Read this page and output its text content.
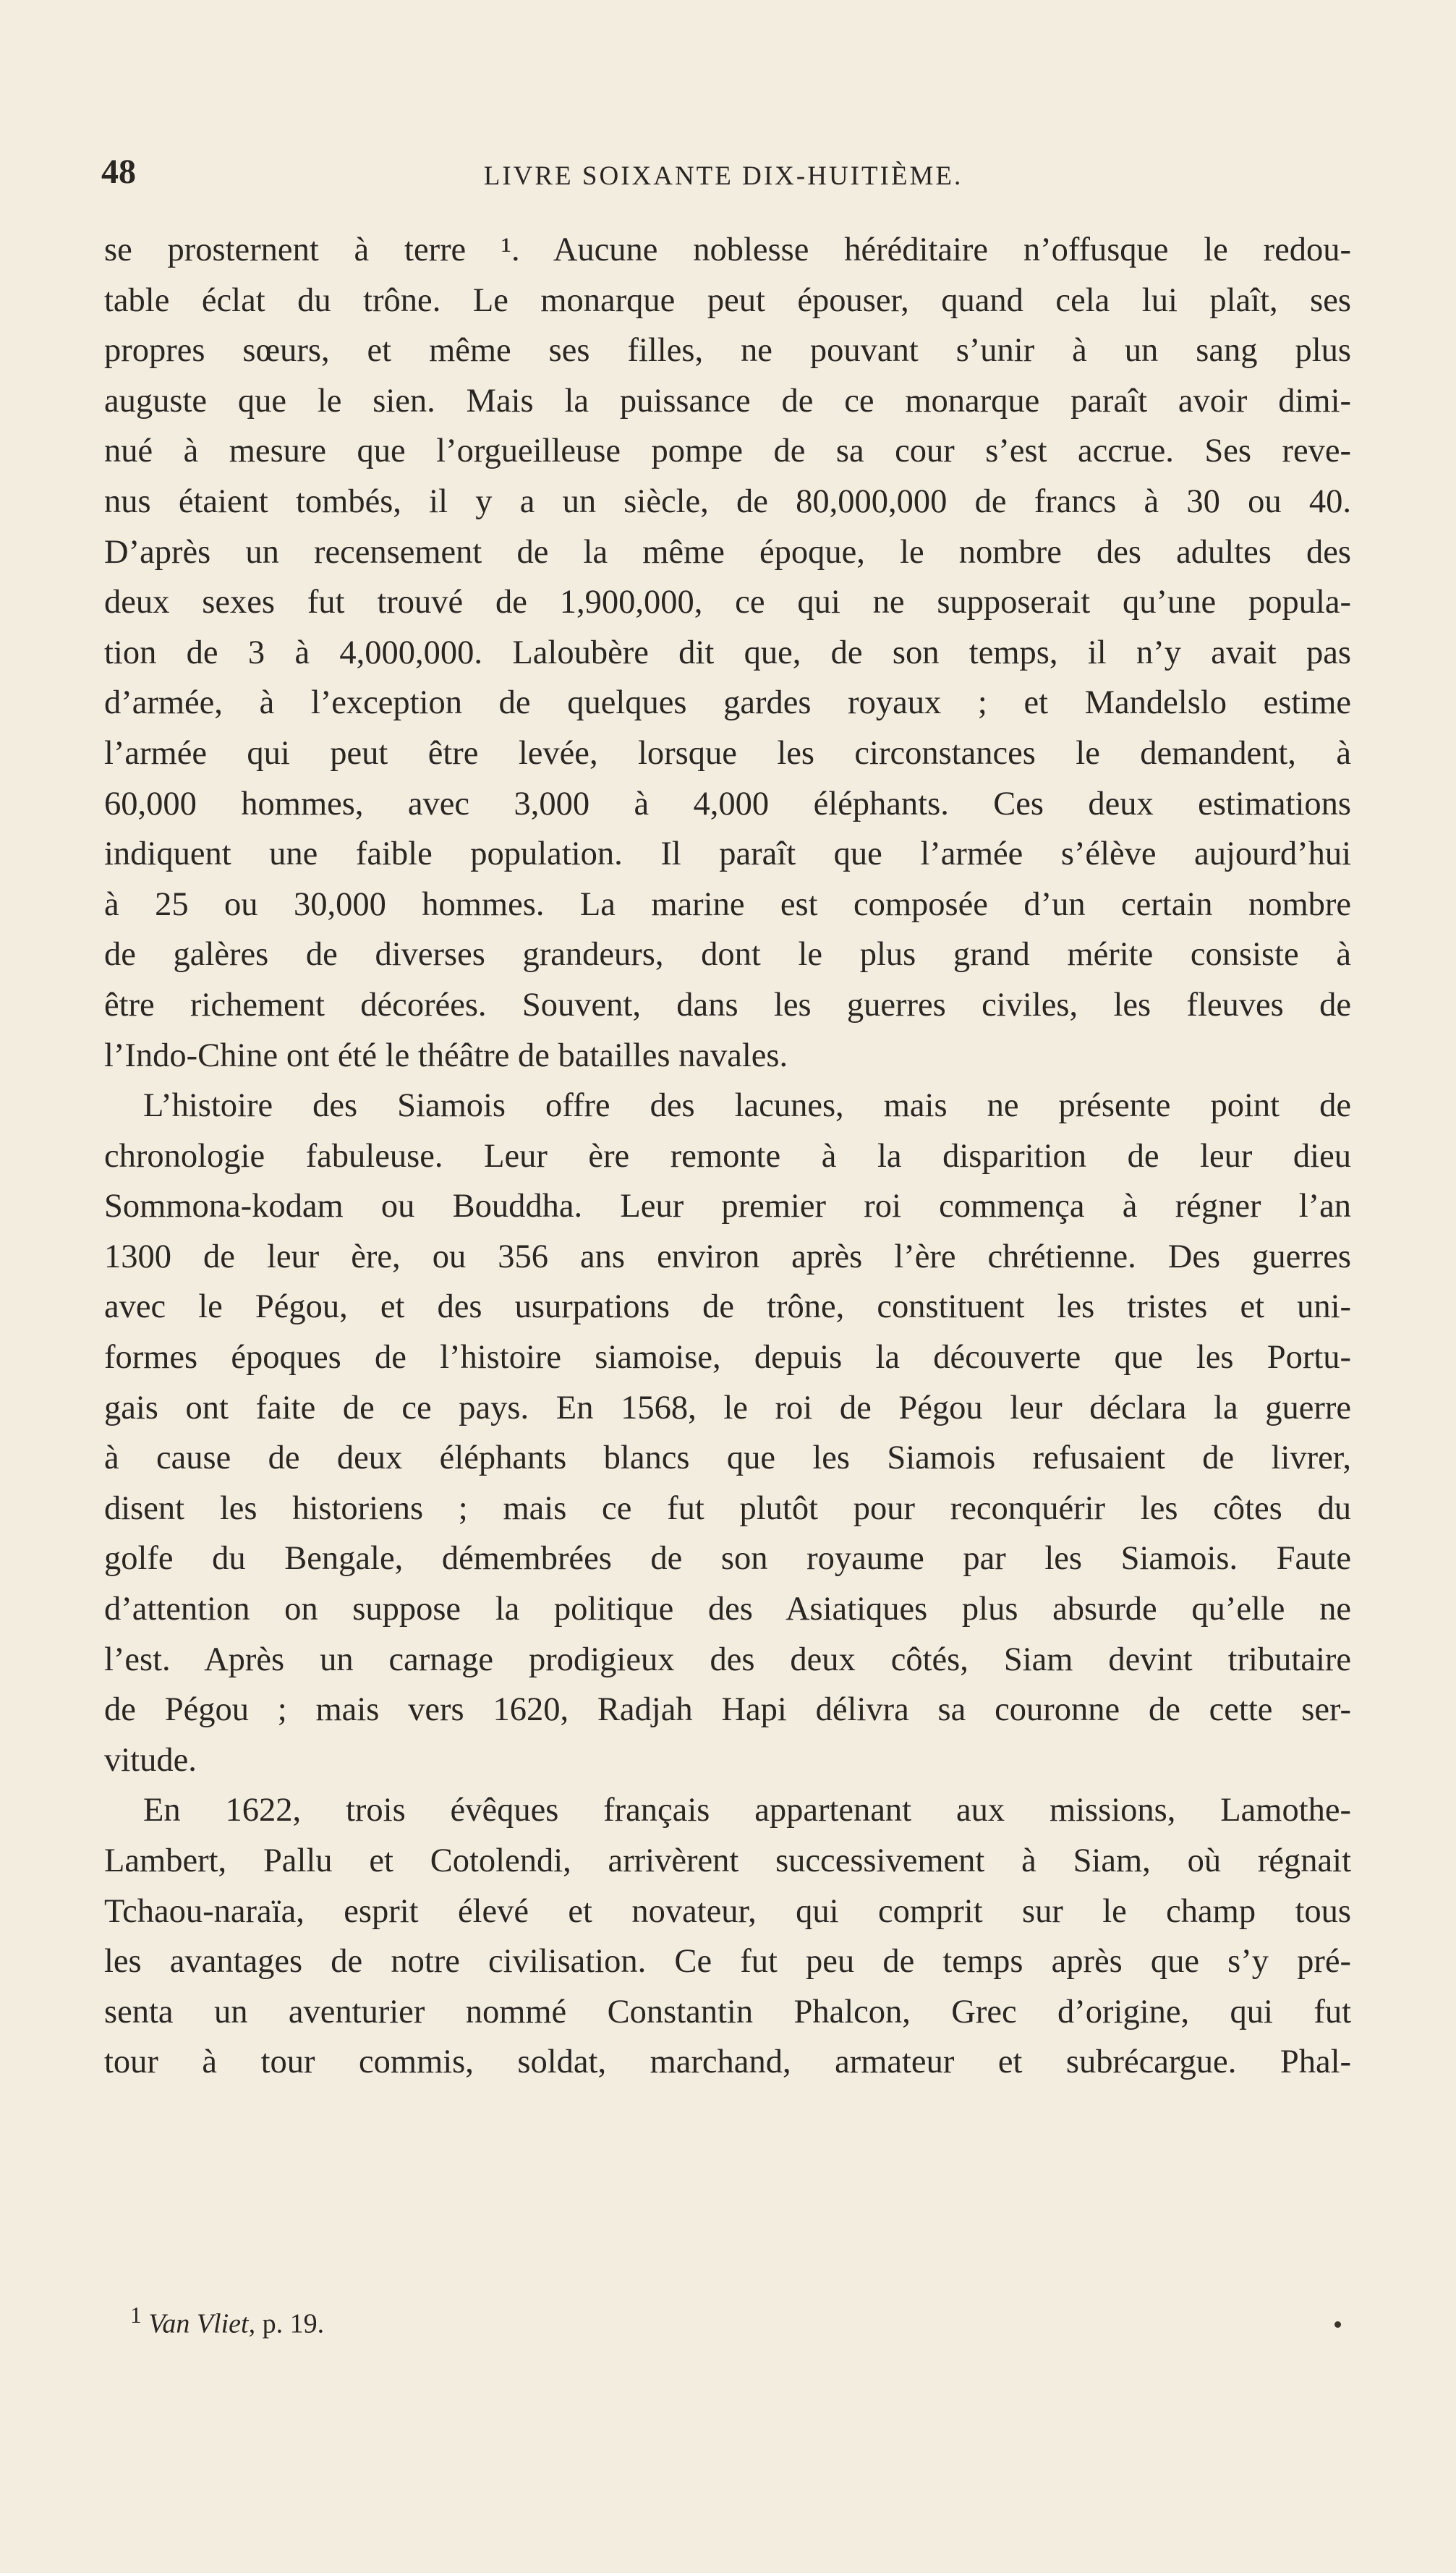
48	LIVRE SOIXANTE DIX-HUITIÈME.
se prosternent à terre ¹. Aucune noblesse héréditaire n’offusque le redou-
table éclat du trône. Le monarque peut épouser, quand cela lui plaît, ses
propres sœurs, et même ses filles, ne pouvant s’unir à un sang plus
auguste que le sien. Mais la puissance de ce monarque paraît avoir dimi-
nué à mesure que l’orgueilleuse pompe de sa cour s’est accrue. Ses reve-
nus étaient tombés, il y a un siècle, de 80,000,000 de francs à 30 ou 40.
D’après un recensement de la même époque, le nombre des adultes des
deux sexes fut trouvé de 1,900,000, ce qui ne supposerait qu’une popula-
tion de 3 à 4,000,000. Laloubère dit que, de son temps, il n’y avait pas
d’armée, à l’exception de quelques gardes royaux ; et Mandelslo estime
l’armée qui peut être levée, lorsque les circonstances le demandent, à
60,000 hommes, avec 3,000 à 4,000 éléphants. Ces deux estimations
indiquent une faible population. Il paraît que l’armée s’élève aujourd’hui
à 25 ou 30,000 hommes. La marine est composée d’un certain nombre
de galères de diverses grandeurs, dont le plus grand mérite consiste à
être richement décorées. Souvent, dans les guerres civiles, les fleuves de
l’Indo-Chine ont été le théâtre de batailles navales.
L’histoire des Siamois offre des lacunes, mais ne présente point de
chronologie fabuleuse. Leur ère remonte à la disparition de leur dieu
Sommona-kodam ou Bouddha. Leur premier roi commença à régner l’an
1300 de leur ère, ou 356 ans environ après l’ère chrétienne. Des guerres
avec le Pégou, et des usurpations de trône, constituent les tristes et uni-
formes époques de l’histoire siamoise, depuis la découverte que les Portu-
gais ont faite de ce pays. En 1568, le roi de Pégou leur déclara la guerre
à cause de deux éléphants blancs que les Siamois refusaient de livrer,
disent les historiens ; mais ce fut plutôt pour reconquérir les côtes du
golfe du Bengale, démembrées de son royaume par les Siamois. Faute
d’attention on suppose la politique des Asiatiques plus absurde qu’elle ne
l’est. Après un carnage prodigieux des deux côtés, Siam devint tributaire
de Pégou ; mais vers 1620, Radjah Hapi délivra sa couronne de cette ser-
vitude.
En 1622, trois évêques français appartenant aux missions, Lamothe-
Lambert, Pallu et Cotolendi, arrivèrent successivement à Siam, où régnait
Tchaou-naraïa, esprit élevé et novateur, qui comprit sur le champ tous
les avantages de notre civilisation. Ce fut peu de temps après que s’y pré-
senta un aventurier nommé Constantin Phalcon, Grec d’origine, qui fut
tour à tour commis, soldat, marchand, armateur et subrécargue. Phal-
$^1$ Van Vliet, p. 19.
